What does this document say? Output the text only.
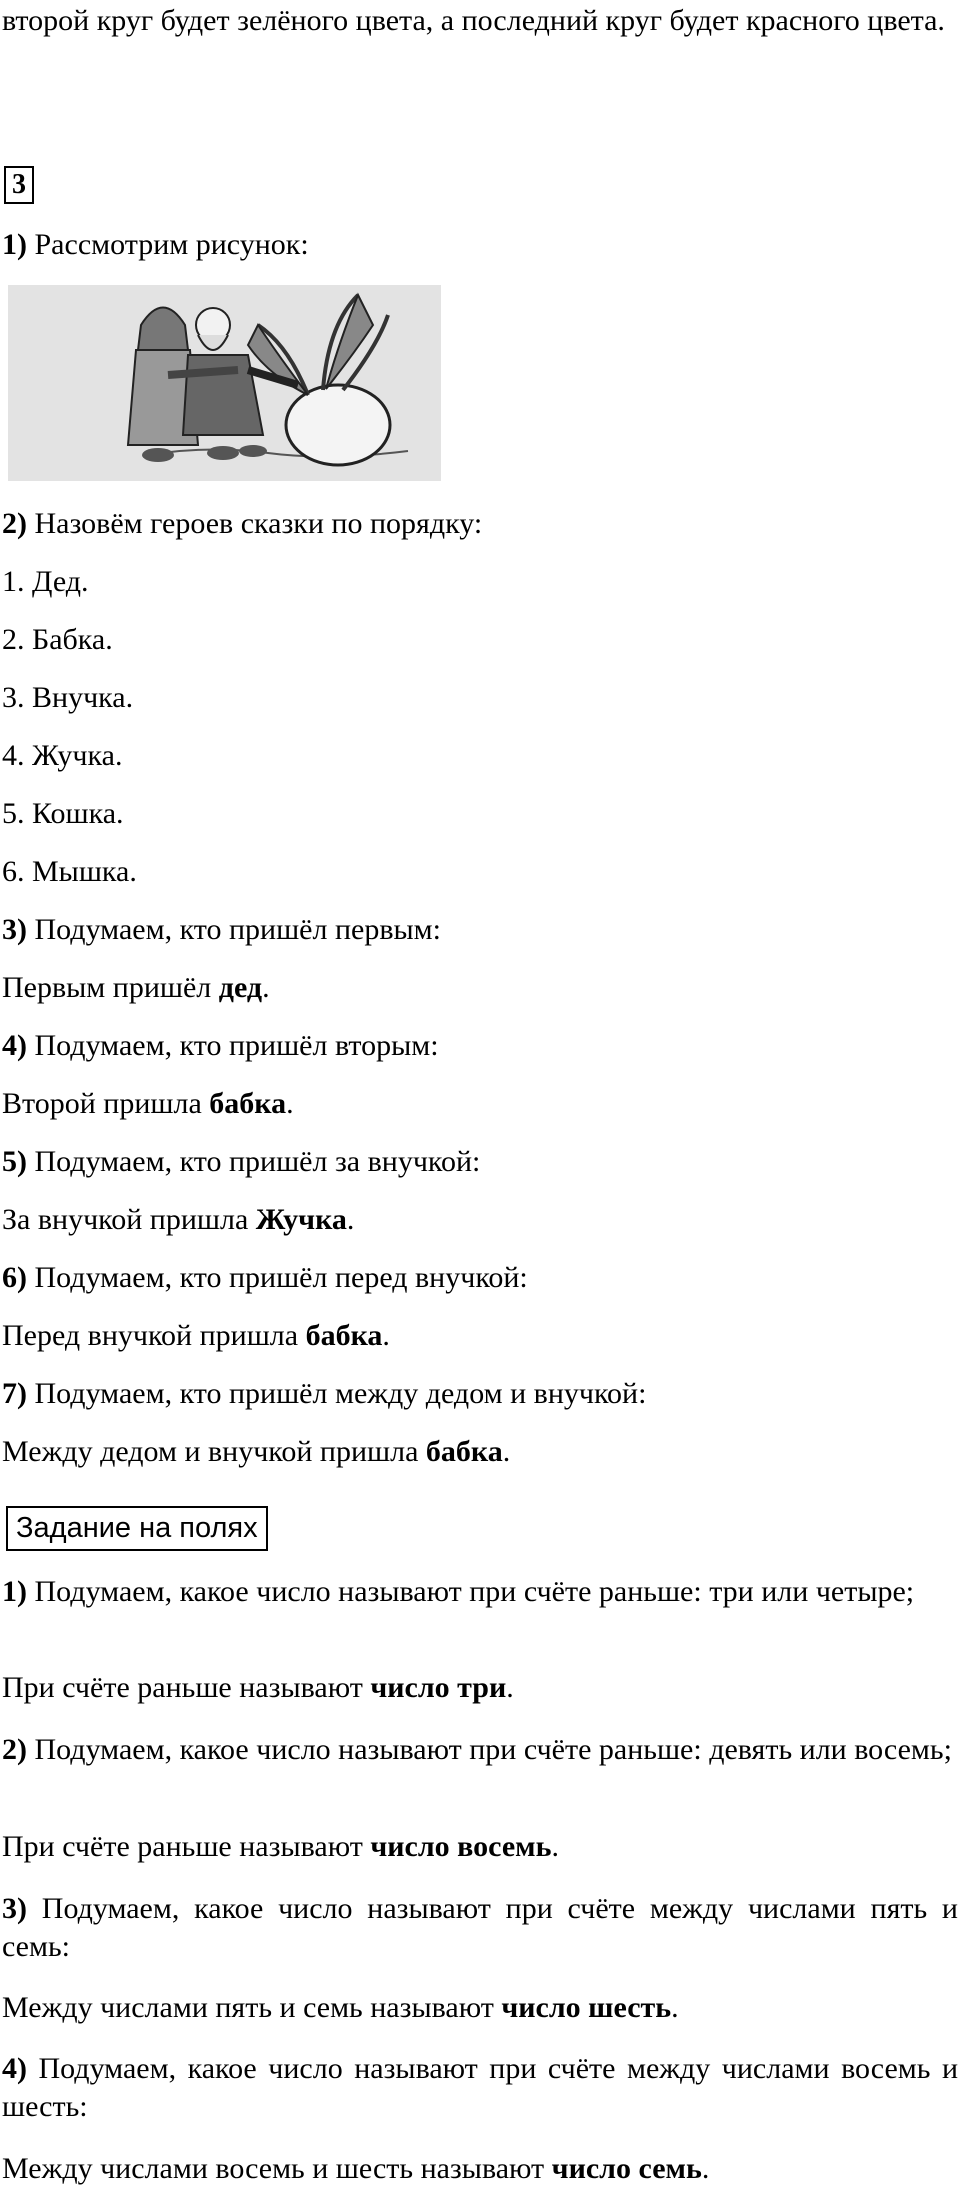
второй круг будет зелёного цвета, а последний круг будет красного цвета.

3

1) Рассмотрим рисунок:

2) Назовём героев сказки по порядку:

1. Дед.

2. Бабка.

3. Внучка.

4. Жучка.

5. Кошка.

6. Мышка.

3) Подумаем, кто пришёл первым:

Первым пришёл дед.

4) Подумаем, кто пришёл вторым:

Второй пришла бабка.

5) Подумаем, кто пришёл за внучкой:

За внучкой пришла Жучка.

6) Подумаем, кто пришёл перед внучкой:

Перед внучкой пришла бабка.

7) Подумаем, кто пришёл между дедом и внучкой:

Между дедом и внучкой пришла бабка.

Задание на полях

1) Подумаем, какое число называют при счёте раньше: три или четыре;

При счёте раньше называют число три.

2) Подумаем, какое число называют при счёте раньше: девять или восемь;

При счёте раньше называют число восемь.

3) Подумаем, какое число называют при счёте между числами пять и семь:

Между числами пять и семь называют число шесть.

4) Подумаем, какое число называют при счёте между числами восемь и шесть:

Между числами восемь и шесть называют число семь.
